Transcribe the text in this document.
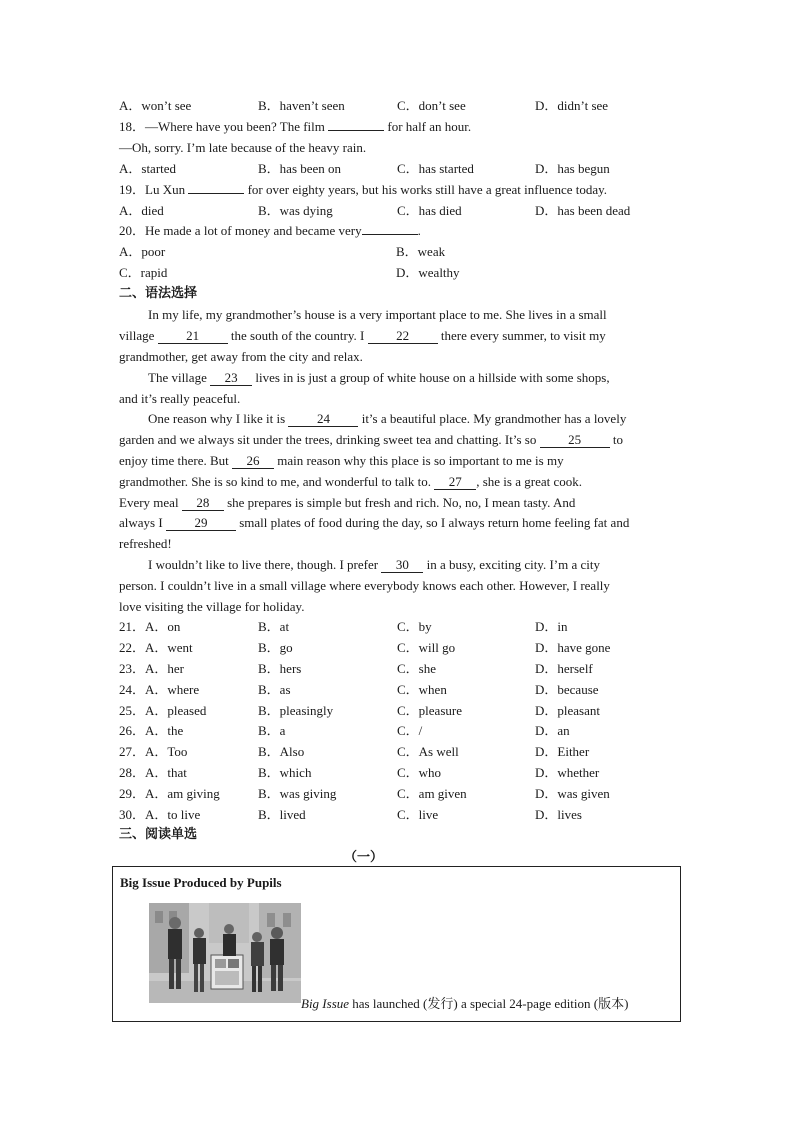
A．won’t see	B．haven’t seen	C．don’t see	D．didn’t see
18．—Where have you been? The film	for half an hour.
—Oh, sorry. I’m late because of the heavy rain.
A．started	B．has been on	C．has started	D．has begun
19．Lu Xun	for over eighty years, but his works still have a great influence today.
A．died	B．was dying	C．has died	D．has been dead
20．He made a lot of money and became very	.
A．poor	B．weak
C．rapid	D．wealthy
二、语法选择
In my life, my grandmother’s house is a very important place to me. She lives in a small
village 21 the south of the country. I 22 there every summer, to visit my
grandmother, get away from the city and relax.
The village 23 lives in is just a group of white house on a hillside with some shops,
and it’s really peaceful.
One reason why I like it is 24 it’s a beautiful place. My grandmother has a lovely
garden and we always sit under the trees, drinking sweet tea and chatting. It’s so 25 to
enjoy time there. But 26 main reason why this place is so important to me is my
grandmother. She is so kind to me, and wonderful to talk to. 27 , she is a great cook.
Every meal 28 she prepares is simple but fresh and rich. No, no, I mean tasty. And
always I 29 small plates of food during the day, so I always return home feeling fat and
refreshed!
I wouldn’t like to live there, though. I prefer 30 in a busy, exciting city. I’m a city
person. I couldn’t live in a small village where everybody knows each other. However, I really
love visiting the village for holiday.
21．A．on	B．at	C．by	D．in
22．A．went	B．go	C．will go	D．have gone
23．A．her	B．hers	C．she	D．herself
24．A．where	B．as	C．when	D．because
25．A．pleased	B．pleasingly	C．pleasure	D．pleasant
26．A．the	B．a	C．/	D．an
27．A．Too	B．Also	C．As well	D．Either
28．A．that	B．which	C．who	D．whether
29．A．am giving	B．was giving	C．am given	D．was given
30．A．to live	B．lived	C．live	D．lives
三、阅读单选
（一）
Big Issue Produced by Pupils
Big Issue has launched (发行) a special 24-page edition (版本)
